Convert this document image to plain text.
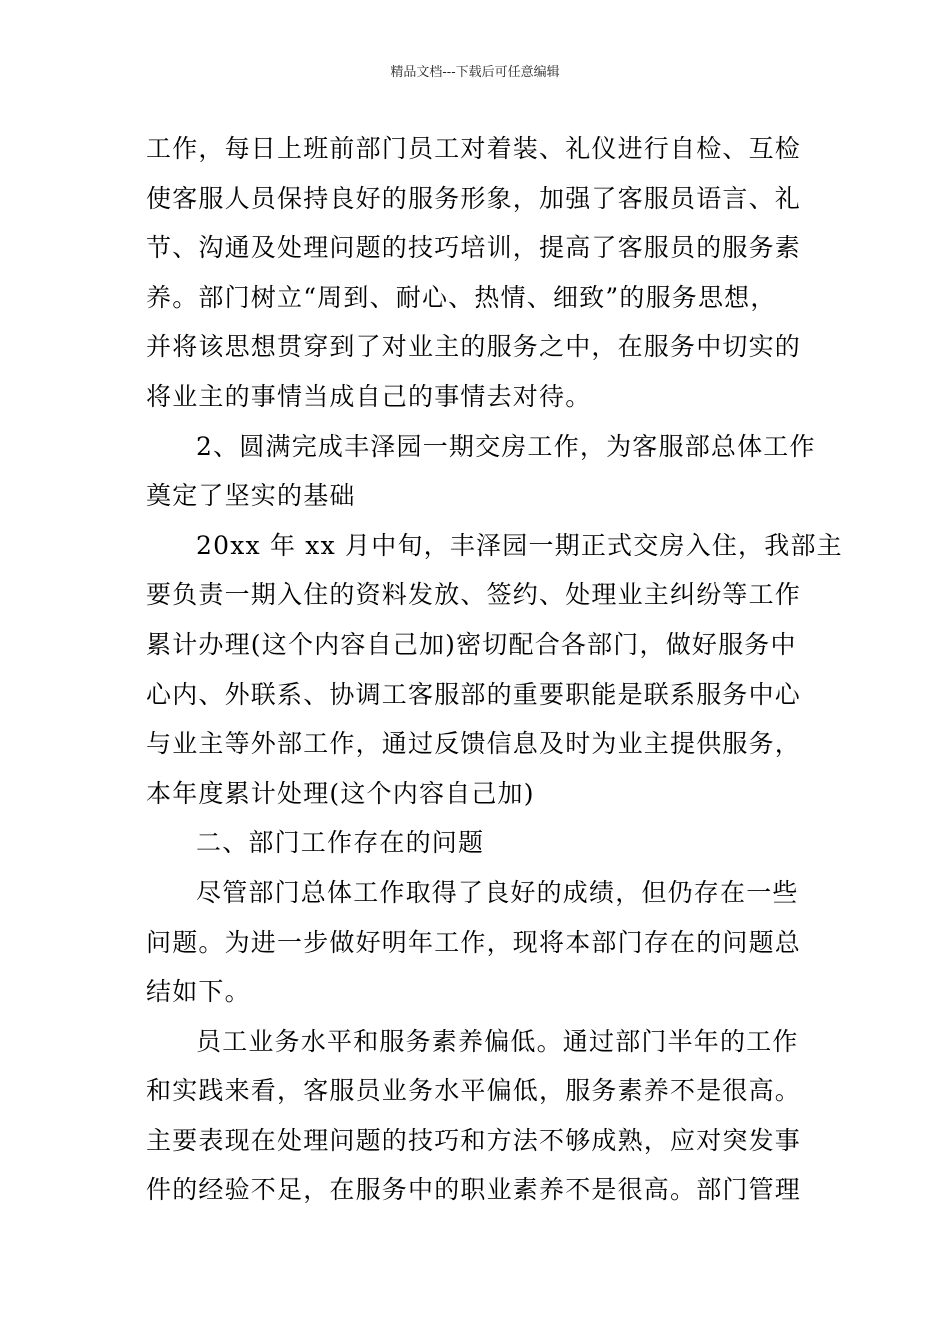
精品文档---下载后可任意编辑
工作，每日上班前部门员工对着装、礼仪进行自检、互检
使客服人员保持良好的服务形象，加强了客服员语言、礼
节、沟通及处理问题的技巧培训，提高了客服员的服务素
养。部门树立“周到、耐心、热情、细致”的服务思想，
并将该思想贯穿到了对业主的服务之中，在服务中切实的
将业主的事情当成自己的事情去对待。
2、圆满完成丰泽园一期交房工作，为客服部总体工作
奠定了坚实的基础
20xx 年 xx 月中旬，丰泽园一期正式交房入住，我部主
要负责一期入住的资料发放、签约、处理业主纠纷等工作
累计办理(这个内容自己加)密切配合各部门，做好服务中
心内、外联系、协调工客服部的重要职能是联系服务中心
与业主等外部工作，通过反馈信息及时为业主提供服务，
本年度累计处理(这个内容自己加)
二、部门工作存在的问题
尽管部门总体工作取得了良好的成绩，但仍存在一些
问题。为进一步做好明年工作，现将本部门存在的问题总
结如下。
员工业务水平和服务素养偏低。通过部门半年的工作
和实践来看，客服员业务水平偏低，服务素养不是很高。
主要表现在处理问题的技巧和方法不够成熟，应对突发事
件的经验不足，在服务中的职业素养不是很高。部门管理
